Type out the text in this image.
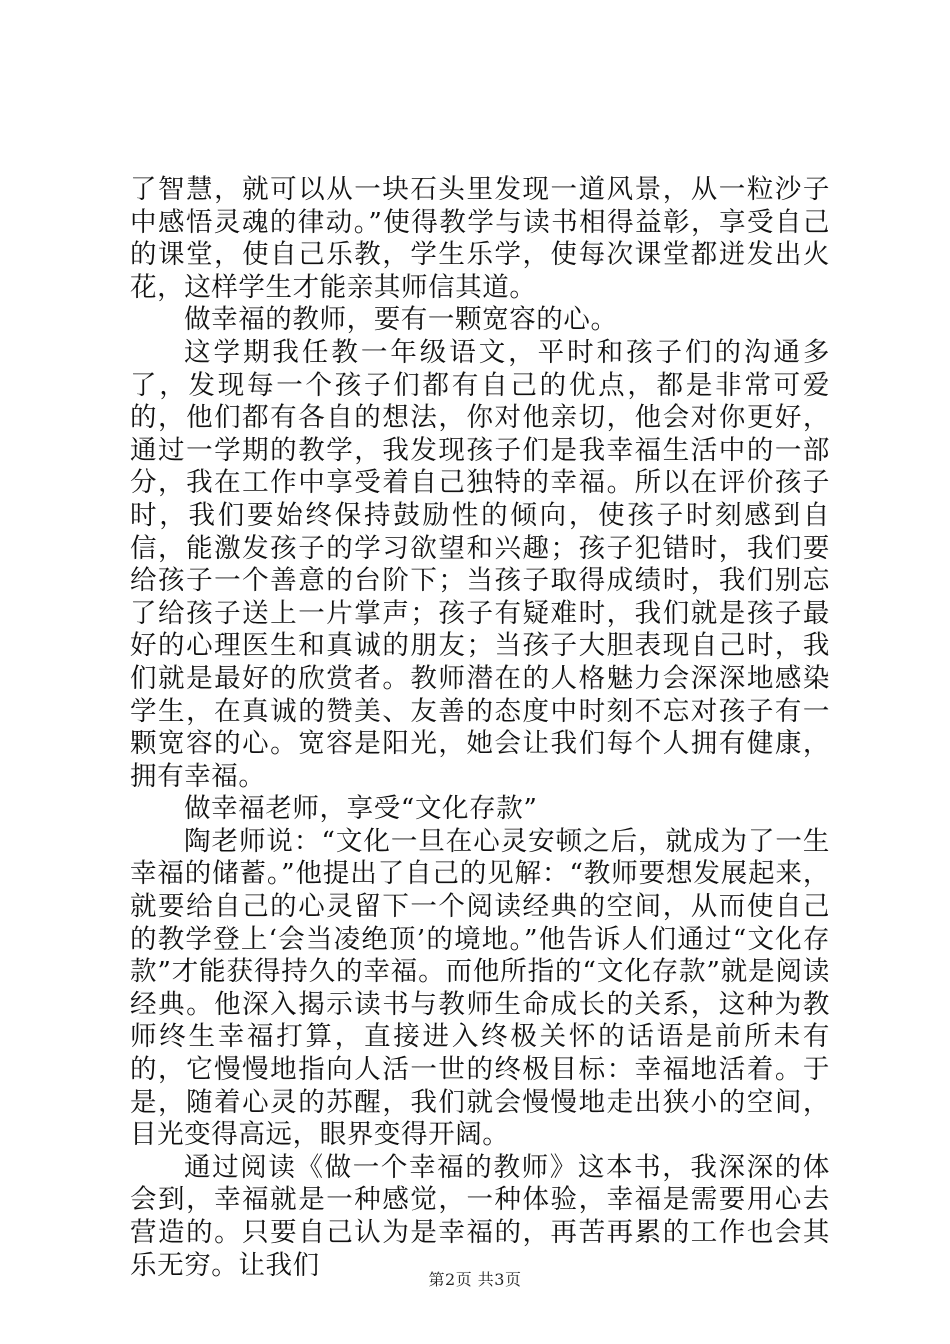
了智慧，就可以从一块石头里发现一道风景，从一粒沙子中感悟灵魂的律动。”使得教学与读书相得益彰，享受自己的课堂，使自己乐教，学生乐学，使每次课堂都迸发出火花，这样学生才能亲其师信其道。

做幸福的教师，要有一颗宽容的心。

这学期我任教一年级语文，平时和孩子们的沟通多了，发现每一个孩子们都有自己的优点，都是非常可爱的，他们都有各自的想法，你对他亲切，他会对你更好，通过一学期的教学，我发现孩子们是我幸福生活中的一部分，我在工作中享受着自己独特的幸福。所以在评价孩子时，我们要始终保持鼓励性的倾向，使孩子时刻感到自信，能激发孩子的学习欲望和兴趣；孩子犯错时，我们要给孩子一个善意的台阶下；当孩子取得成绩时，我们别忘了给孩子送上一片掌声；孩子有疑难时，我们就是孩子最好的心理医生和真诚的朋友；当孩子大胆表现自己时，我们就是最好的欣赏者。教师潜在的人格魅力会深深地感染学生，在真诚的赞美、友善的态度中时刻不忘对孩子有一颗宽容的心。宽容是阳光，她会让我们每个人拥有健康，拥有幸福。

做幸福老师，享受“文化存款”

陶老师说：“文化一旦在心灵安顿之后，就成为了一生幸福的储蓄。”他提出了自己的见解：“教师要想发展起来，就要给自己的心灵留下一个阅读经典的空间，从而使自己的教学登上‘会当凌绝顶’的境地。”他告诉人们通过“文化存款”才能获得持久的幸福。而他所指的“文化存款”就是阅读经典。他深入揭示读书与教师生命成长的关系，这种为教师终生幸福打算，直接进入终极关怀的话语是前所未有的，它慢慢地指向人活一世的终极目标：幸福地活着。于是，随着心灵的苏醒，我们就会慢慢地走出狭小的空间，目光变得高远，眼界变得开阔。

通过阅读《做一个幸福的教师》这本书，我深深的体会到，幸福就是一种感觉，一种体验，幸福是需要用心去营造的。只要自己认为是幸福的，再苦再累的工作也会其乐无穷。让我们	第2页 共3页
